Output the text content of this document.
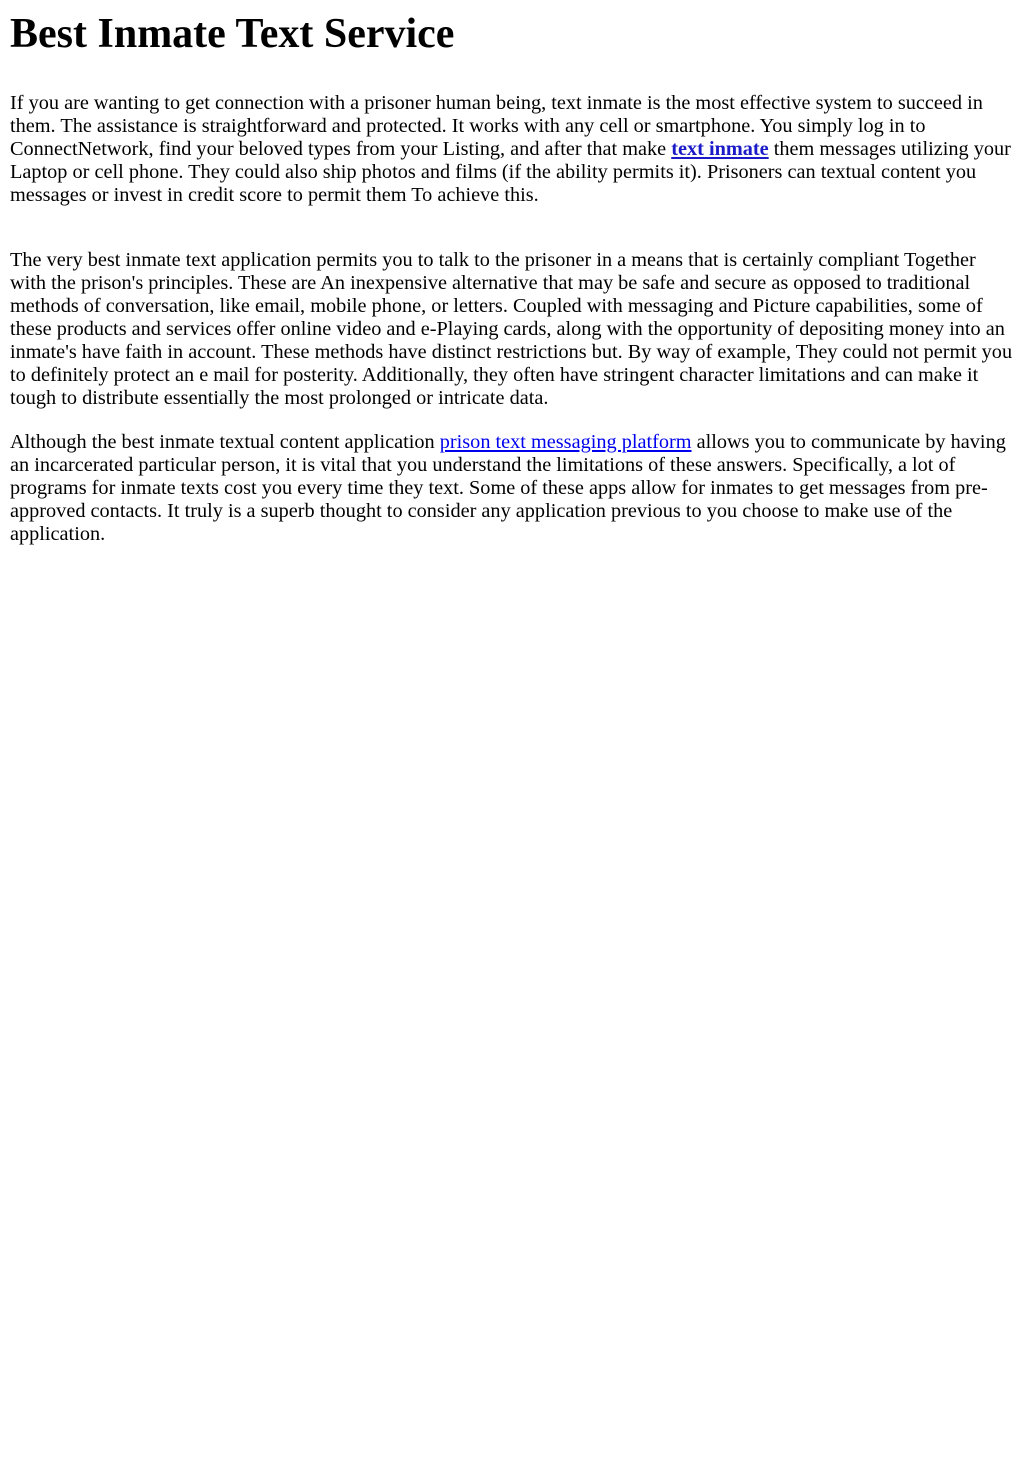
Best Inmate Text Service

If you are wanting to get connection with a prisoner human being, text inmate is the most effective system to succeed in them. The assistance is straightforward and protected. It works with any cell or smartphone. You simply log in to ConnectNetwork, find your beloved types from your Listing, and after that make text inmate them messages utilizing your Laptop or cell phone. They could also ship photos and films (if the ability permits it). Prisoners can textual content you messages or invest in credit score to permit them To achieve this.

The very best inmate text application permits you to talk to the prisoner in a means that is certainly compliant Together with the prison's principles. These are An inexpensive alternative that may be safe and secure as opposed to traditional methods of conversation, like email, mobile phone, or letters. Coupled with messaging and Picture capabilities, some of these products and services offer online video and e-Playing cards, along with the opportunity of depositing money into an inmate's have faith in account. These methods have distinct restrictions but. By way of example, They could not permit you to definitely protect an e mail for posterity. Additionally, they often have stringent character limitations and can make it tough to distribute essentially the most prolonged or intricate data.

Although the best inmate textual content application prison text messaging platform allows you to communicate by having an incarcerated particular person, it is vital that you understand the limitations of these answers. Specifically, a lot of programs for inmate texts cost you every time they text. Some of these apps allow for inmates to get messages from pre-approved contacts. It truly is a superb thought to consider any application previous to you choose to make use of the application.
